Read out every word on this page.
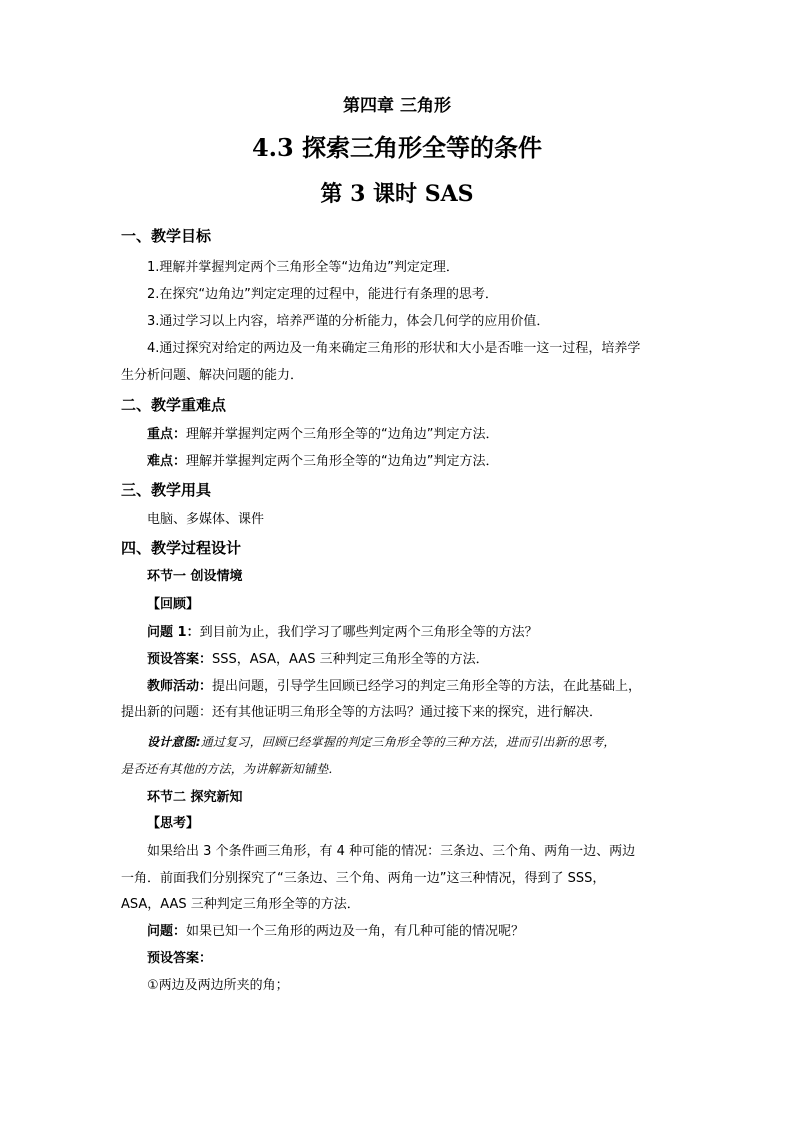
第四章 三角形
4.3 探索三角形全等的条件
第 3 课时 SAS
一、教学目标
1.理解并掌握判定两个三角形全等“边角边”判定定理．
2.在探究“边角边”判定定理的过程中，能进行有条理的思考．
3.通过学习以上内容，培养严谨的分析能力，体会几何学的应用价值．
4.通过探究对给定的两边及一角来确定三角形的形状和大小是否唯一这一过程，培养学
生分析问题、解决问题的能力．
二、教学重难点
重点：理解并掌握判定两个三角形全等的“边角边”判定方法．
难点：理解并掌握判定两个三角形全等的“边角边”判定方法．
三、教学用具
电脑、多媒体、课件
四、教学过程设计
环节一 创设情境
【回顾】
问题 1：到目前为止，我们学习了哪些判定两个三角形全等的方法？
预设答案：SSS，ASA，AAS 三种判定三角形全等的方法．
教师活动：提出问题，引导学生回顾已经学习的判定三角形全等的方法，在此基础上，
提出新的问题：还有其他证明三角形全等的方法吗？通过接下来的探究，进行解决．
设计意图:通过复习，回顾已经掌握的判定三角形全等的三种方法，进而引出新的思考，
是否还有其他的方法，为讲解新知铺垫．
环节二 探究新知
【思考】
如果给出 3 个条件画三角形，有 4 种可能的情况：三条边、三个角、两角一边、两边
一角．前面我们分别探究了“三条边、三个角、两角一边”这三种情况，得到了 SSS，
ASA，AAS 三种判定三角形全等的方法．
问题：如果已知一个三角形的两边及一角，有几种可能的情况呢？
预设答案：
①两边及两边所夹的角；
